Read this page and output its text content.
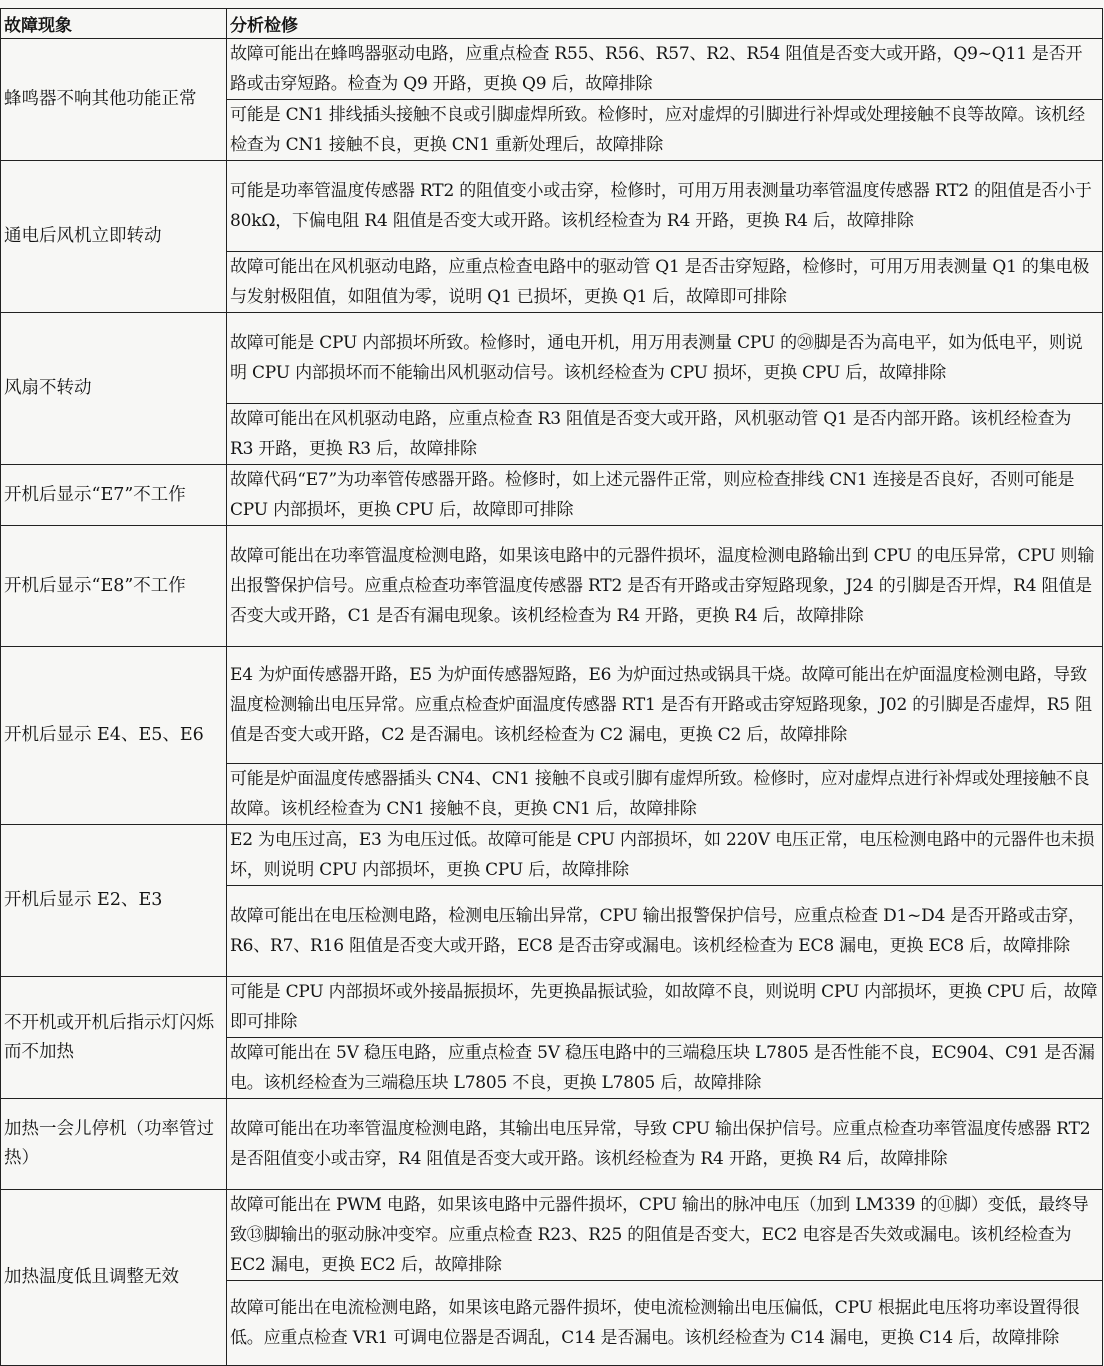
故障现象	分析检修
蜂鸣器不响其他功能正常	故障可能出在蜂鸣器驱动电路，应重点检查 R55、R56、R57、R2、R54 阻值是否变大或开路，Q9~Q11 是否开路或击穿短路。检查为 Q9 开路，更换 Q9 后，故障排除
	可能是 CN1 排线插头接触不良或引脚虚焊所致。检修时，应对虚焊的引脚进行补焊或处理接触不良等故障。该机经检查为 CN1 接触不良，更换 CN1 重新处理后，故障排除
通电后风机立即转动	可能是功率管温度传感器 RT2 的阻值变小或击穿，检修时，可用万用表测量功率管温度传感器 RT2 的阻值是否小于 80kΩ，下偏电阻 R4 阻值是否变大或开路。该机经检查为 R4 开路，更换 R4 后，故障排除
	故障可能出在风机驱动电路，应重点检查电路中的驱动管 Q1 是否击穿短路，检修时，可用万用表测量 Q1 的集电极与发射极阻值，如阻值为零，说明 Q1 已损坏，更换 Q1 后，故障即可排除
风扇不转动	故障可能是 CPU 内部损坏所致。检修时，通电开机，用万用表测量 CPU 的⑳脚是否为高电平，如为低电平，则说明 CPU 内部损坏而不能输出风机驱动信号。该机经检查为 CPU 损坏，更换 CPU 后，故障排除
	故障可能出在风机驱动电路，应重点检查 R3 阻值是否变大或开路，风机驱动管 Q1 是否内部开路。该机经检查为 R3 开路，更换 R3 后，故障排除
开机后显示“E7”不工作	故障代码“E7”为功率管传感器开路。检修时，如上述元器件正常，则应检查排线 CN1 连接是否良好，否则可能是 CPU 内部损坏，更换 CPU 后，故障即可排除
开机后显示“E8”不工作	故障可能出在功率管温度检测电路，如果该电路中的元器件损坏，温度检测电路输出到 CPU 的电压异常，CPU 则输出报警保护信号。应重点检查功率管温度传感器 RT2 是否有开路或击穿短路现象，J24 的引脚是否开焊，R4 阻值是否变大或开路，C1 是否有漏电现象。该机经检查为 R4 开路，更换 R4 后，故障排除
开机后显示 E4、E5、E6	E4 为炉面传感器开路，E5 为炉面传感器短路，E6 为炉面过热或锅具干烧。故障可能出在炉面温度检测电路，导致温度检测输出电压异常。应重点检查炉面温度传感器 RT1 是否有开路或击穿短路现象，J02 的引脚是否虚焊，R5 阻值是否变大或开路，C2 是否漏电。该机经检查为 C2 漏电，更换 C2 后，故障排除
	可能是炉面温度传感器插头 CN4、CN1 接触不良或引脚有虚焊所致。检修时，应对虚焊点进行补焊或处理接触不良故障。该机经检查为 CN1 接触不良，更换 CN1 后，故障排除
开机后显示 E2、E3	E2 为电压过高，E3 为电压过低。故障可能是 CPU 内部损坏，如 220V 电压正常，电压检测电路中的元器件也未损坏，则说明 CPU 内部损坏，更换 CPU 后，故障排除
	故障可能出在电压检测电路，检测电压输出异常，CPU 输出报警保护信号，应重点检查 D1~D4 是否开路或击穿，R6、R7、R16 阻值是否变大或开路，EC8 是否击穿或漏电。该机经检查为 EC8 漏电，更换 EC8 后，故障排除
不开机或开机后指示灯闪烁而不加热	可能是 CPU 内部损坏或外接晶振损坏，先更换晶振试验，如故障不良，则说明 CPU 内部损坏，更换 CPU 后，故障即可排除
	故障可能出在 5V 稳压电路，应重点检查 5V 稳压电路中的三端稳压块 L7805 是否性能不良，EC904、C91 是否漏电。该机经检查为三端稳压块 L7805 不良，更换 L7805 后，故障排除
加热一会儿停机（功率管过热）	故障可能出在功率管温度检测电路，其输出电压异常，导致 CPU 输出保护信号。应重点检查功率管温度传感器 RT2 是否阻值变小或击穿，R4 阻值是否变大或开路。该机经检查为 R4 开路，更换 R4 后，故障排除
加热温度低且调整无效	故障可能出在 PWM 电路，如果该电路中元器件损坏，CPU 输出的脉冲电压（加到 LM339 的⑪脚）变低，最终导致⑬脚输出的驱动脉冲变窄。应重点检查 R23、R25 的阻值是否变大，EC2 电容是否失效或漏电。该机经检查为 EC2 漏电，更换 EC2 后，故障排除
	故障可能出在电流检测电路，如果该电路元器件损坏，使电流检测输出电压偏低，CPU 根据此电压将功率设置得很低。应重点检查 VR1 可调电位器是否调乱，C14 是否漏电。该机经检查为 C14 漏电，更换 C14 后，故障排除
